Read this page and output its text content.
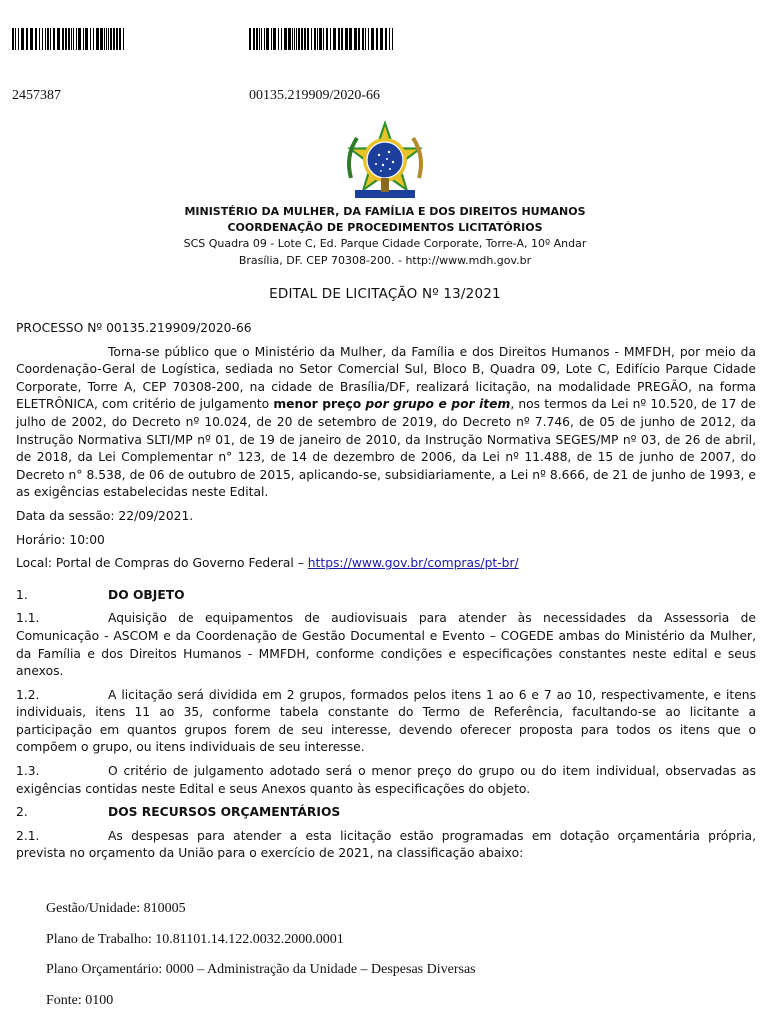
2457387	00135.219909/2020-66
MINISTÉRIO DA MULHER, DA FAMÍLIA E DOS DIREITOS HUMANOS
COORDENAÇÃO DE PROCEDIMENTOS LICITATÓRIOS
SCS Quadra 09 - Lote C, Ed. Parque Cidade Corporate, Torre-A, 10º Andar
Brasília, DF. CEP 70308-200. - http://www.mdh.gov.br
EDITAL DE LICITAÇÃO Nº 13/2021

PROCESSO Nº 00135.219909/2020-66

Torna-se público que o Ministério da Mulher, da Família e dos Direitos Humanos - MMFDH, por meio da Coordenação-Geral de Logística, sediada no Setor Comercial Sul, Bloco B, Quadra 09, Lote C, Edifício Parque Cidade Corporate, Torre A, CEP 70308-200, na cidade de Brasília/DF, realizará licitação, na modalidade PREGÃO, na forma ELETRÔNICA, com critério de julgamento menor preço por grupo e por item, nos termos da Lei nº 10.520, de 17 de julho de 2002, do Decreto nº 10.024, de 20 de setembro de 2019, do Decreto nº 7.746, de 05 de junho de 2012, da Instrução Normativa SLTI/MP nº 01, de 19 de janeiro de 2010, da Instrução Normativa SEGES/MP nº 03, de 26 de abril, de 2018, da Lei Complementar n° 123, de 14 de dezembro de 2006, da Lei nº 11.488, de 15 de junho de 2007, do Decreto n° 8.538, de 06 de outubro de 2015, aplicando-se, subsidiariamente, a Lei nº 8.666, de 21 de junho de 1993, e as exigências estabelecidas neste Edital.

Data da sessão: 22/09/2021.

Horário: 10:00

Local: Portal de Compras do Governo Federal – https://www.gov.br/compras/pt-br/

1.	DO OBJETO

1.1.	Aquisição de equipamentos de audiovisuais para atender às necessidades da Assessoria de Comunicação - ASCOM e da Coordenação de Gestão Documental e Evento – COGEDE ambas do Ministério da Mulher, da Família e dos Direitos Humanos - MMFDH, conforme condições e especificações constantes neste edital e seus anexos.

1.2.	A licitação será dividida em 2 grupos, formados pelos itens 1 ao 6 e 7 ao 10, respectivamente, e itens individuais, itens 11 ao 35, conforme tabela constante do Termo de Referência, facultando-se ao licitante a participação em quantos grupos forem de seu interesse, devendo oferecer proposta para todos os itens que o compõem o grupo, ou itens individuais de seu interesse.

1.3.	O critério de julgamento adotado será o menor preço do grupo ou do item individual, observadas as exigências contidas neste Edital e seus Anexos quanto às especificações do objeto.

2.	DOS RECURSOS ORÇAMENTÁRIOS

2.1.	As despesas para atender a esta licitação estão programadas em dotação orçamentária própria, prevista no orçamento da União para o exercício de 2021, na classificação abaixo:

Gestão/Unidade: 810005
Plano de Trabalho: 10.81101.14.122.0032.2000.0001
Plano Orçamentário: 0000 – Administração da Unidade – Despesas Diversas
Fonte: 0100
